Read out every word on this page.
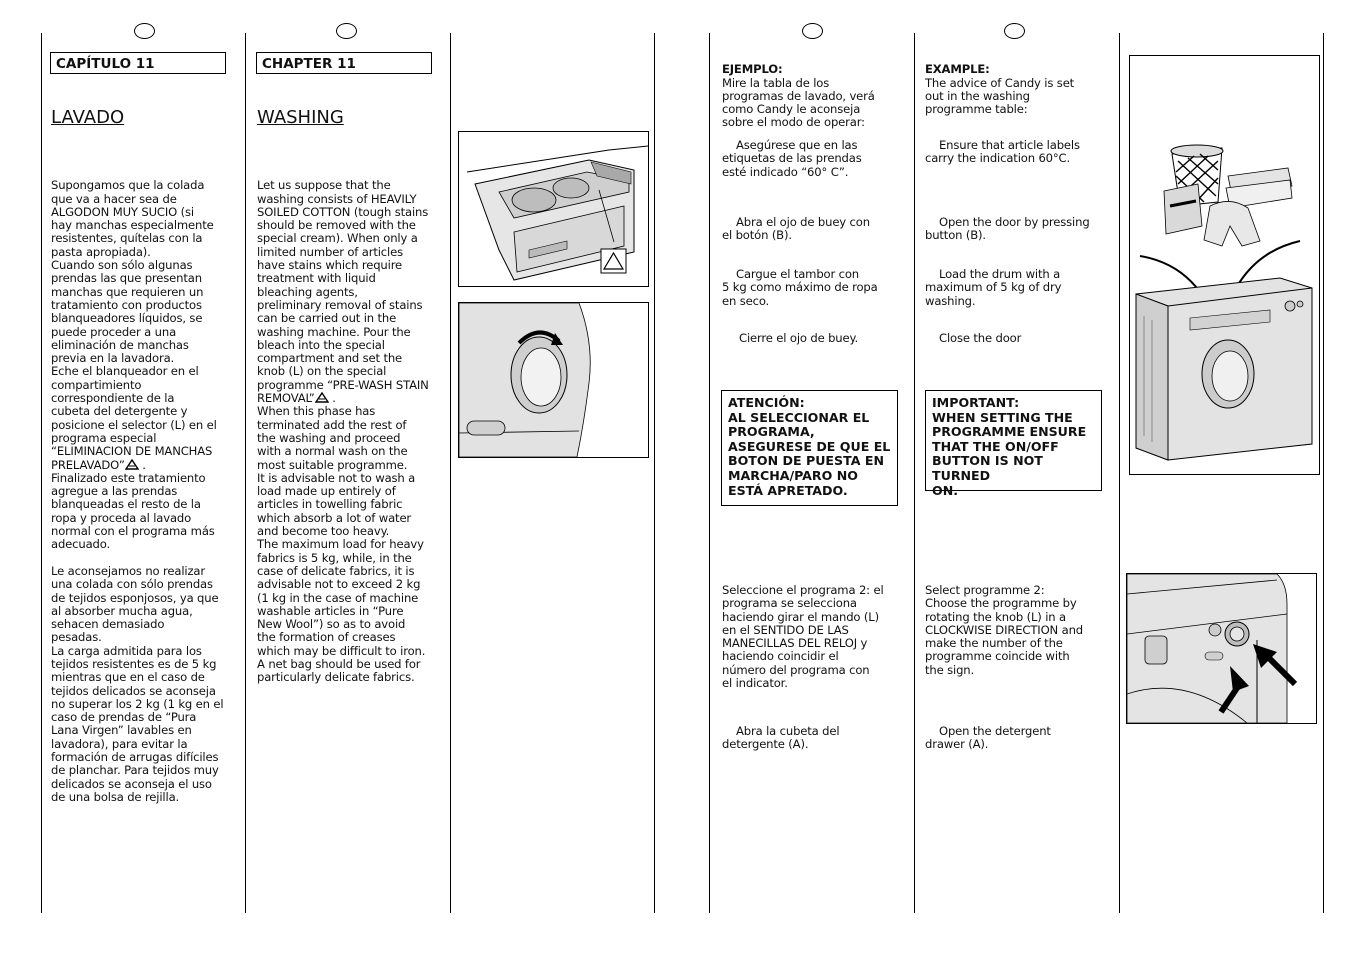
CAPÍTULO 11	CHAPTER 11
LAVADO	WASHING

Supongamos que la colada
que va a hacer sea de
ALGODON MUY SUCIO (si
hay manchas especialmente
resistentes, quítelas con la
pasta apropiada).
Cuando son sólo algunas
prendas las que presentan
manchas que requieren un
tratamiento con productos
blanqueadores líquidos, se
puede proceder a una
eliminación de manchas
previa en la lavadora.
Eche el blanqueador en el
compartimiento
correspondiente de la
cubeta del detergente y
posicione el selector (L) en el
programa especial
“ELIMINACION DE MANCHAS
PRELAVADO” .
Finalizado este tratamiento
agregue a las prendas
blanqueadas el resto de la
ropa y proceda al lavado
normal con el programa más
adecuado.

Le aconsejamos no realizar
una colada con sólo prendas
de tejidos esponjosos, ya que
al absorber mucha agua,
sehacen demasiado
pesadas.
La carga admitida para los
tejidos resistentes es de 5 kg
mientras que en el caso de
tejidos delicados se aconseja
no superar los 2 kg (1 kg en el
caso de prendas de “Pura
Lana Virgen” lavables en
lavadora), para evitar la
formación de arrugas difíciles
de planchar. Para tejidos muy
delicados se aconseja el uso
de una bolsa de rejilla.

Let us suppose that the
washing consists of HEAVILY
SOILED COTTON (tough stains
should be removed with the
special cream). When only a
limited number of articles
have stains which require
treatment with liquid
bleaching agents,
preliminary removal of stains
can be carried out in the
washing machine. Pour the
bleach into the special
compartment and set the
knob (L) on the special
programme “PRE-WASH STAIN
REMOVAL” .
When this phase has
terminated add the rest of
the washing and proceed
with a normal wash on the
most suitable programme.
It is advisable not to wash a
load made up entirely of
articles in towelling fabric
which absorb a lot of water
and become too heavy.
The maximum load for heavy
fabrics is 5 kg, while, in the
case of delicate fabrics, it is
advisable not to exceed 2 kg
(1 kg in the case of machine
washable articles in “Pure
New Wool”) so as to avoid
the formation of creases
which may be difficult to iron.
A net bag should be used for
particularly delicate fabrics.

EJEMPLO:
Mire la tabla de los
programas de lavado, verá
como Candy le aconseja
sobre el modo de operar:

Asegúrese que en las
etiquetas de las prendas
esté indicado “60° C”.
Abra el ojo de buey con
el botón (B).
Cargue el tambor con
5 kg como máximo de ropa
en seco.
Cierre el ojo de buey.
ATENCIÓN:
AL SELECCIONAR EL
PROGRAMA,
ASEGURESE DE QUE EL
BOTON DE PUESTA EN
MARCHA/PARO NO
ESTÁ APRETADO.
Seleccione el programa 2: el
programa se selecciona
haciendo girar el mando (L)
en el SENTIDO DE LAS
MANECILLAS DEL RELOJ y
haciendo coincidir el
número del programa con
el indicator.
Abra la cubeta del
detergente (A).

EXAMPLE:
The advice of Candy is set
out in the washing
programme table:

Ensure that article labels
carry the indication 60°C.
Open the door by pressing
button (B).
Load the drum with a
maximum of 5 kg of dry
washing.
Close the door
IMPORTANT:
WHEN SETTING THE
PROGRAMME ENSURE
THAT THE ON/OFF
BUTTON IS NOT TURNED
ON.
Select programme 2:
Choose the programme by
rotating the knob (L) in a
CLOCKWISE DIRECTION and
make the number of the
programme coincide with
the sign.
Open the detergent
drawer (A).
